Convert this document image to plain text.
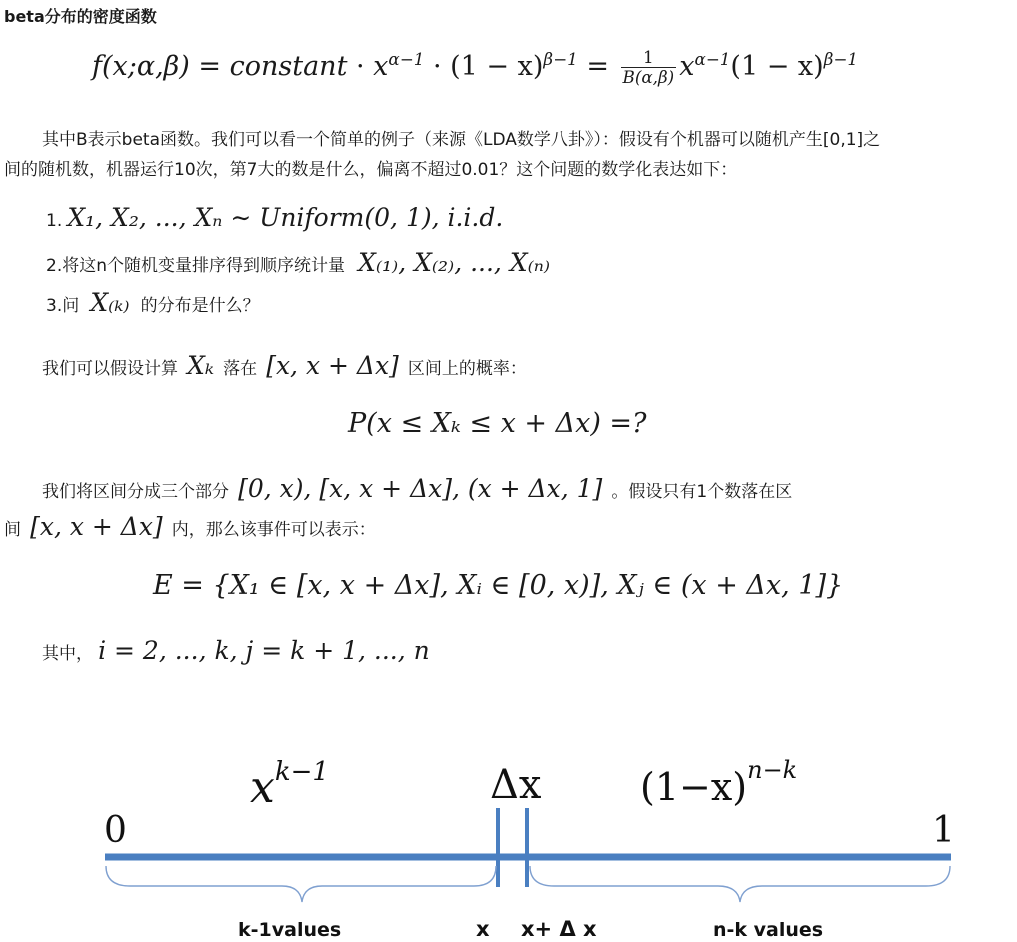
beta分布的密度函数
f(x;α,β) = constant · $x^{\alpha-1} \cdot (1 - x)^{\beta-1} = \frac{1}{B(\alpha,\beta)} x^{\alpha-1}(1 - x)^{\beta-1}$
其中B表示beta函数。我们可以看一个简单的例子（来源《LDA数学八卦》）：假设有个机器可以随机产生[0,1]之
间的随机数，机器运行10次，第7大的数是什么，偏离不超过0.01？这个问题的数学化表达如下：
1. X₁, X₂, ..., Xₙ ∼ Uniform(0, 1), i.i.d.
2.将这n个随机变量排序得到顺序统计量 X₍₁₎, X₍₂₎, ..., X₍ₙ₎
3.问 X₍ₖ₎ 的分布是什么？
我们可以假设计算 Xₖ 落在 [x, x + Δx] 区间上的概率：
P(x ≤ Xₖ ≤ x + Δx) =?
我们将区间分成三个部分 [0, x), [x, x + Δx], (x + Δx, 1] 。假设只有1个数落在区
间 [x, x + Δx] 内，那么该事件可以表示：
E = {X₁ ∈ [x, x + Δx], Xᵢ ∈ [0, x)], Xⱼ ∈ (x + Δx, 1]}
其中， i = 2, ..., k, j = k + 1, ..., n
$x^{k-1}$	Δx	$(1-x)^{n-k}$
0	1
k-1values	x x+ Δ x	n-k values
